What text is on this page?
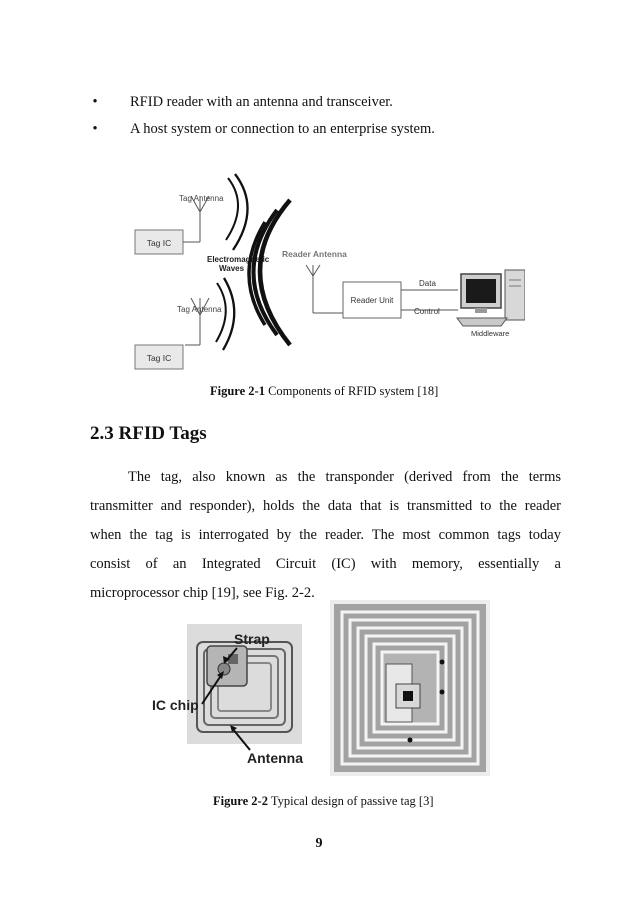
• RFID reader with an antenna and transceiver.
• A host system or connection to an enterprise system.
Tag IC
Tag Antenna
Electromagnetic
Waves
Tag Antenna
Tag IC
Reader Antenna
Reader Unit
Data
Control
Middleware
Figure 2-1 Components of RFID system [18]
2.3 RFID Tags
The tag, also known as the transponder (derived from the terms
transmitter and responder), holds the data that is transmitted to the reader
when the tag is interrogated by the reader. The most common tags today
consist of an Integrated Circuit (IC) with memory, essentially a
microprocessor chip [19], see Fig. 2-2.
Strap
IC chip
Antenna
Figure 2-2 Typical design of passive tag [3]
9
